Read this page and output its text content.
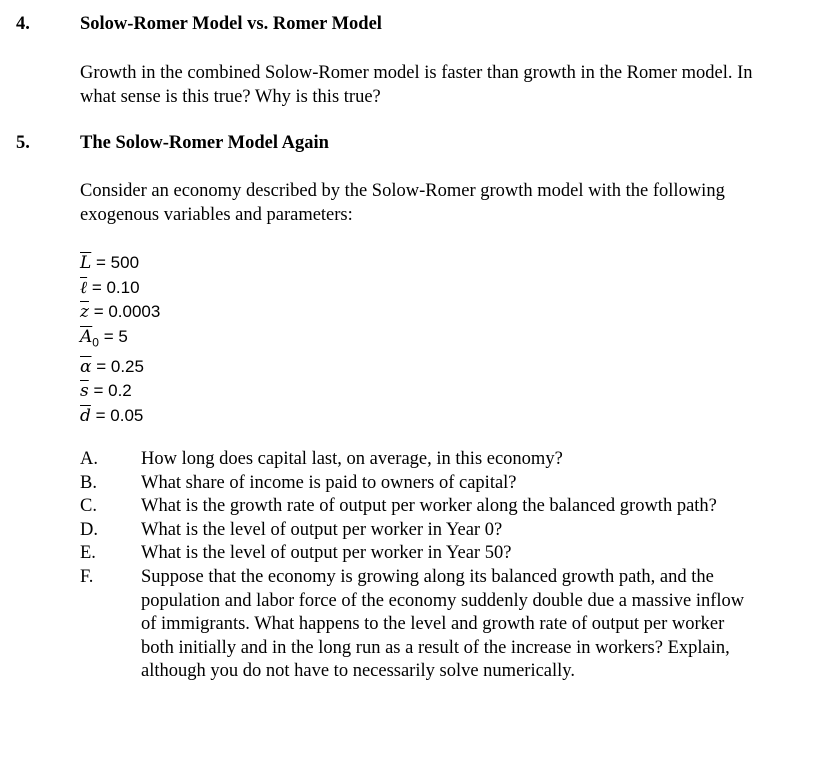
4.	Solow-Romer Model vs. Romer Model
Growth in the combined Solow-Romer model is faster than growth in the Romer model. In what sense is this true? Why is this true?
5.	The Solow-Romer Model Again
Consider an economy described by the Solow-Romer growth model with the following exogenous variables and parameters:
$\overline{L} = 500$
ℓ = 0.10
$\overline{z} = 0.0003$
$\overline{A}_0 = 5$
$\overline{\alpha} = 0.25$
$\overline{s} = 0.2$
$\overline{d} = 0.05$
A.	How long does capital last, on average, in this economy?
B.	What share of income is paid to owners of capital?
C.	What is the growth rate of output per worker along the balanced growth path?
D.	What is the level of output per worker in Year 0?
E.	What is the level of output per worker in Year 50?
F.	Suppose that the economy is growing along its balanced growth path, and the population and labor force of the economy suddenly double due a massive inflow of immigrants. What happens to the level and growth rate of output per worker both initially and in the long run as a result of the increase in workers? Explain, although you do not have to necessarily solve numerically.
